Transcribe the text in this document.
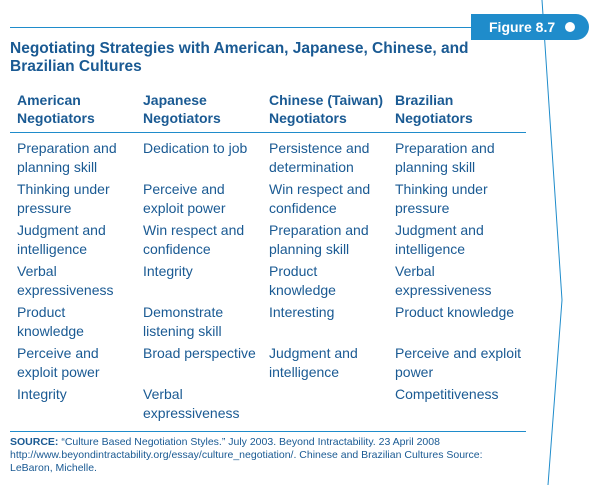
Figure 8.7
Negotiating Strategies with American, Japanese, Chinese, and Brazilian Cultures
American Negotiators	Japanese Negotiators	Chinese (Taiwan) Negotiators	Brazilian Negotiators
Preparation and planning skill	Dedication to job	Persistence and determination	Preparation and planning skill
Thinking under pressure	Perceive and exploit power	Win respect and confidence	Thinking under pressure
Judgment and intelligence	Win respect and confidence	Preparation and planning skill	Judgment and intelligence
Verbal expressiveness	Integrity	Product knowledge	Verbal expressiveness
Product knowledge	Demonstrate listening skill	Interesting	Product knowledge
Perceive and exploit power	Broad perspective	Judgment and intelligence	Perceive and exploit power
Integrity	Verbal expressiveness		Competitiveness
SOURCE: “Culture Based Negotiation Styles.” July 2003. Beyond Intractability. 23 April 2008 http://www.beyondintractability.org/essay/culture_negotiation/. Chinese and Brazilian Cultures Source: LeBaron, Michelle.
